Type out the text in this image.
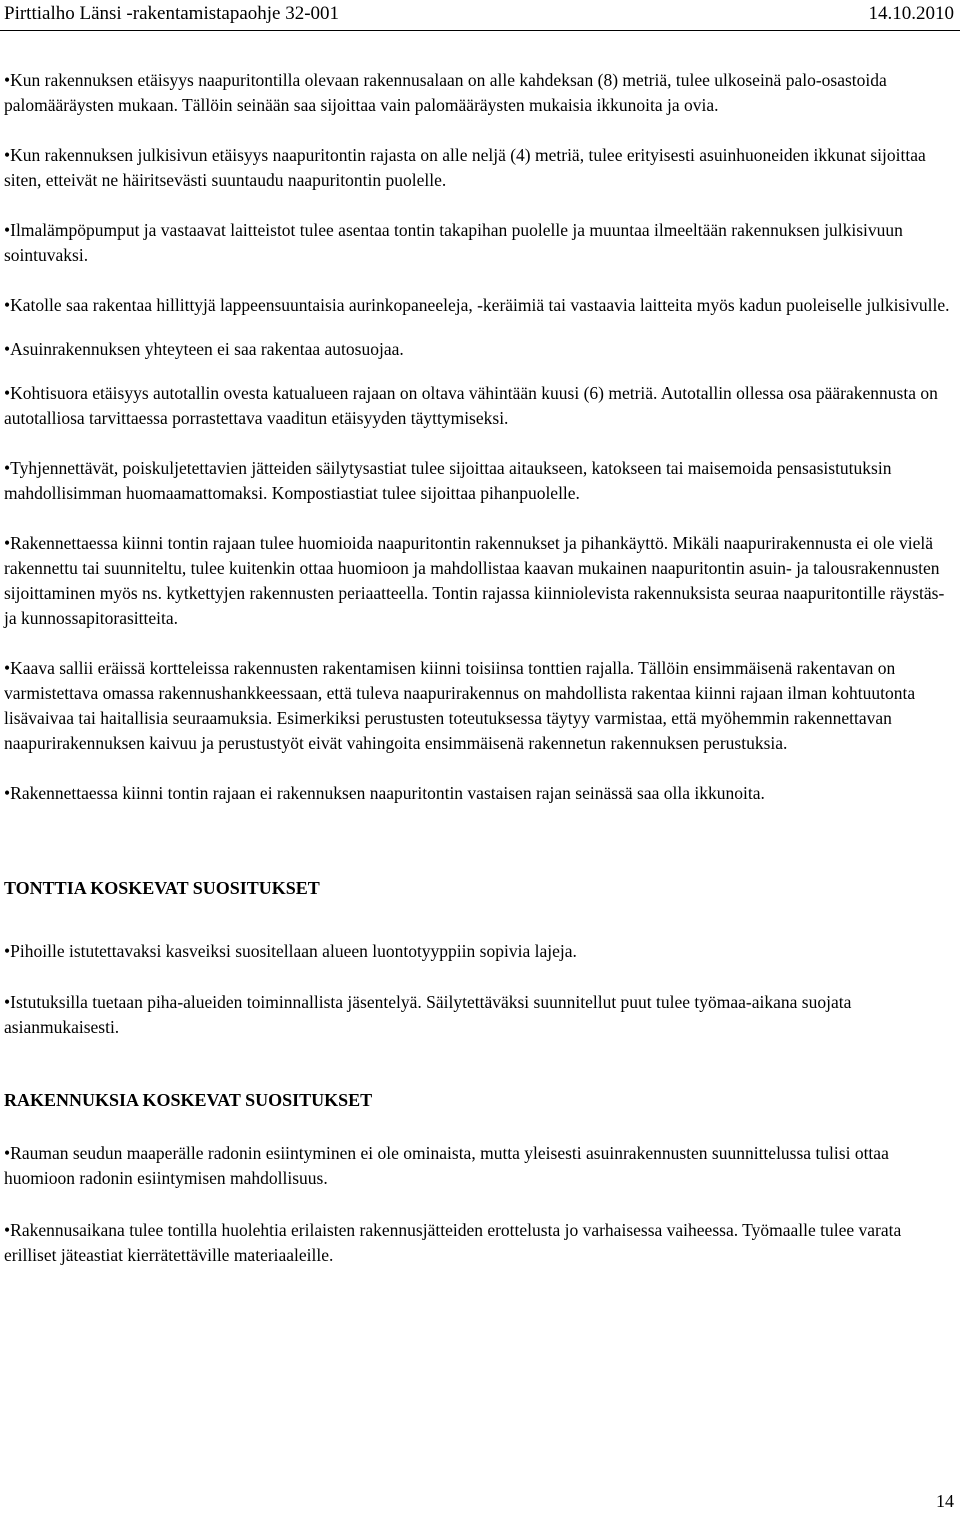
Pirttialho Länsi -rakentamistapaohje 32-001	14.10.2010

• Kun rakennuksen etäisyys naapuritontilla olevaan rakennusalaan on alle kahdeksan (8) metriä, tulee ulkoseinä palo-osastoida palomääräysten mukaan. Tällöin seinään saa sijoittaa vain palomääräysten mukaisia ikkunoita ja ovia.

• Kun rakennuksen julkisivun etäisyys naapuritontin rajasta on alle neljä (4) metriä, tulee erityisesti asuinhuoneiden ikkunat sijoittaa siten, etteivät ne häiritsevästi suuntaudu naapuritontin puolelle.

• Ilmalämpöpumput ja vastaavat laitteistot tulee asentaa tontin takapihan puolelle ja muuntaa ilmeeltään rakennuksen julkisivuun sointuvaksi.

• Katolle saa rakentaa hillittyjä lappeensuuntaisia aurinkopaneeleja, -keräimiä tai vastaavia laitteita myös kadun puoleiselle julkisivulle.

• Asuinrakennuksen yhteyteen ei saa rakentaa autosuojaa.

• Kohtisuora etäisyys autotallin ovesta katualueen rajaan on oltava vähintään kuusi (6) metriä. Autotallin ollessa osa päärakennusta on autotalliosa tarvittaessa porrastettava vaaditun etäisyyden täyttymiseksi.

• Tyhjennettävät, poiskuljetettavien jätteiden säilytysastiat tulee sijoittaa aitaukseen, katokseen tai maisemoida pensasistutuksin mahdollisimman huomaamattomaksi. Kompostiastiat tulee sijoittaa pihanpuolelle.

• Rakennettaessa kiinni tontin rajaan tulee huomioida naapuritontin rakennukset ja pihankäyttö. Mikäli naapurirakennusta ei ole vielä rakennettu tai suunniteltu, tulee kuitenkin ottaa huomioon ja mahdollistaa kaavan mukainen naapuritontin asuin- ja talousrakennusten sijoittaminen myös ns. kytkettyjen rakennusten periaatteella. Tontin rajassa kiinniolevista rakennuksista seuraa naapuritontille räystäs- ja kunnossapitorasitteita.

• Kaava sallii eräissä kortteleissa rakennusten rakentamisen kiinni toisiinsa tonttien rajalla. Tällöin ensimmäisenä rakentavan on varmistettava omassa rakennushankkeessaan, että tuleva naapurirakennus on mahdollista rakentaa kiinni rajaan ilman kohtuutonta lisävaivaa tai haitallisia seuraamuksia. Esimerkiksi perustusten toteutuksessa täytyy varmistaa, että myöhemmin rakennettavan naapurirakennuksen kaivuu ja perustustyöt eivät vahingoita ensimmäisenä rakennetun rakennuksen perustuksia.

• Rakennettaessa kiinni tontin rajaan ei rakennuksen naapuritontin vastaisen rajan seinässä saa olla ikkunoita.

TONTTIA KOSKEVAT SUOSITUKSET

• Pihoille istutettavaksi kasveiksi suositellaan alueen luontotyyppiin sopivia lajeja.

• Istutuksilla tuetaan piha-alueiden toiminnallista jäsentelyä. Säilytettäväksi suunnitellut puut tulee työmaa-aikana suojata asianmukaisesti.

RAKENNUKSIA KOSKEVAT SUOSITUKSET

• Rauman seudun maaperälle radonin esiintyminen ei ole ominaista, mutta yleisesti asuinrakennusten suunnittelussa tulisi ottaa huomioon radonin esiintymisen mahdollisuus.

• Rakennusaikana tulee tontilla huolehtia erilaisten rakennusjätteiden erottelusta jo varhaisessa vaiheessa. Työmaalle tulee varata erilliset jäteastiat kierrätettäville materiaaleille.

14
